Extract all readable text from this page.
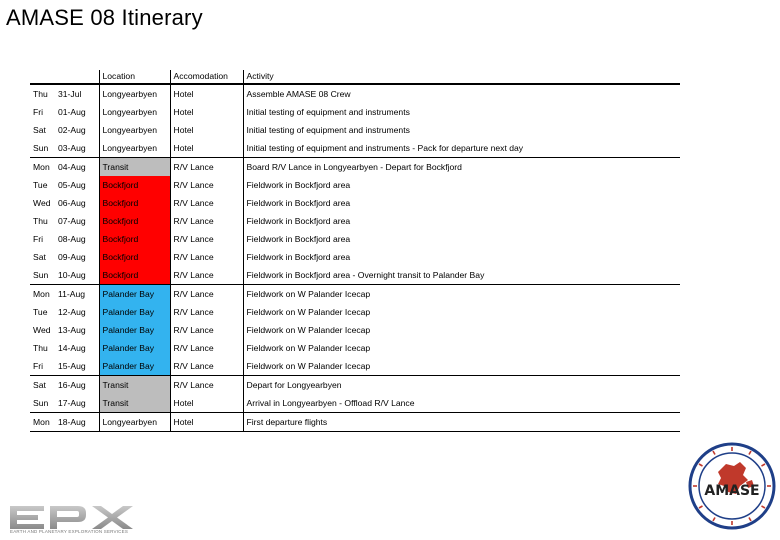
AMASE 08 Itinerary
		Location	Accomodation	Activity
Thu	31-Jul	Longyearbyen	Hotel	Assemble AMASE 08 Crew
Fri	01-Aug	Longyearbyen	Hotel	Initial testing of equipment and instruments
Sat	02-Aug	Longyearbyen	Hotel	Initial testing of equipment and instruments
Sun	03-Aug	Longyearbyen	Hotel	Initial testing of equipment and instruments - Pack for departure next day
Mon	04-Aug	Transit	R/V Lance	Board R/V Lance in Longyearbyen - Depart for Bockfjord
Tue	05-Aug	Bockfjord	R/V Lance	Fieldwork in Bockfjord area
Wed	06-Aug	Bockfjord	R/V Lance	Fieldwork in Bockfjord area
Thu	07-Aug	Bockfjord	R/V Lance	Fieldwork in Bockfjord area
Fri	08-Aug	Bockfjord	R/V Lance	Fieldwork in Bockfjord area
Sat	09-Aug	Bockfjord	R/V Lance	Fieldwork in Bockfjord area
Sun	10-Aug	Bockfjord	R/V Lance	Fieldwork in Bockfjord area - Overnight transit to Palander Bay
Mon	11-Aug	Palander Bay	R/V Lance	Fieldwork on W Palander Icecap
Tue	12-Aug	Palander Bay	R/V Lance	Fieldwork on W Palander Icecap
Wed	13-Aug	Palander Bay	R/V Lance	Fieldwork on W Palander Icecap
Thu	14-Aug	Palander Bay	R/V Lance	Fieldwork on W Palander Icecap
Fri	15-Aug	Palander Bay	R/V Lance	Fieldwork on W Palander Icecap
Sat	16-Aug	Transit	R/V Lance	Depart for Longyearbyen
Sun	17-Aug	Transit	Hotel	Arrival in Longyearbyen - Offload R/V Lance
Mon	18-Aug	Longyearbyen	Hotel	First departure flights
EARTH AND PLANETARY EXPLORATION SERVICES
AMASE
